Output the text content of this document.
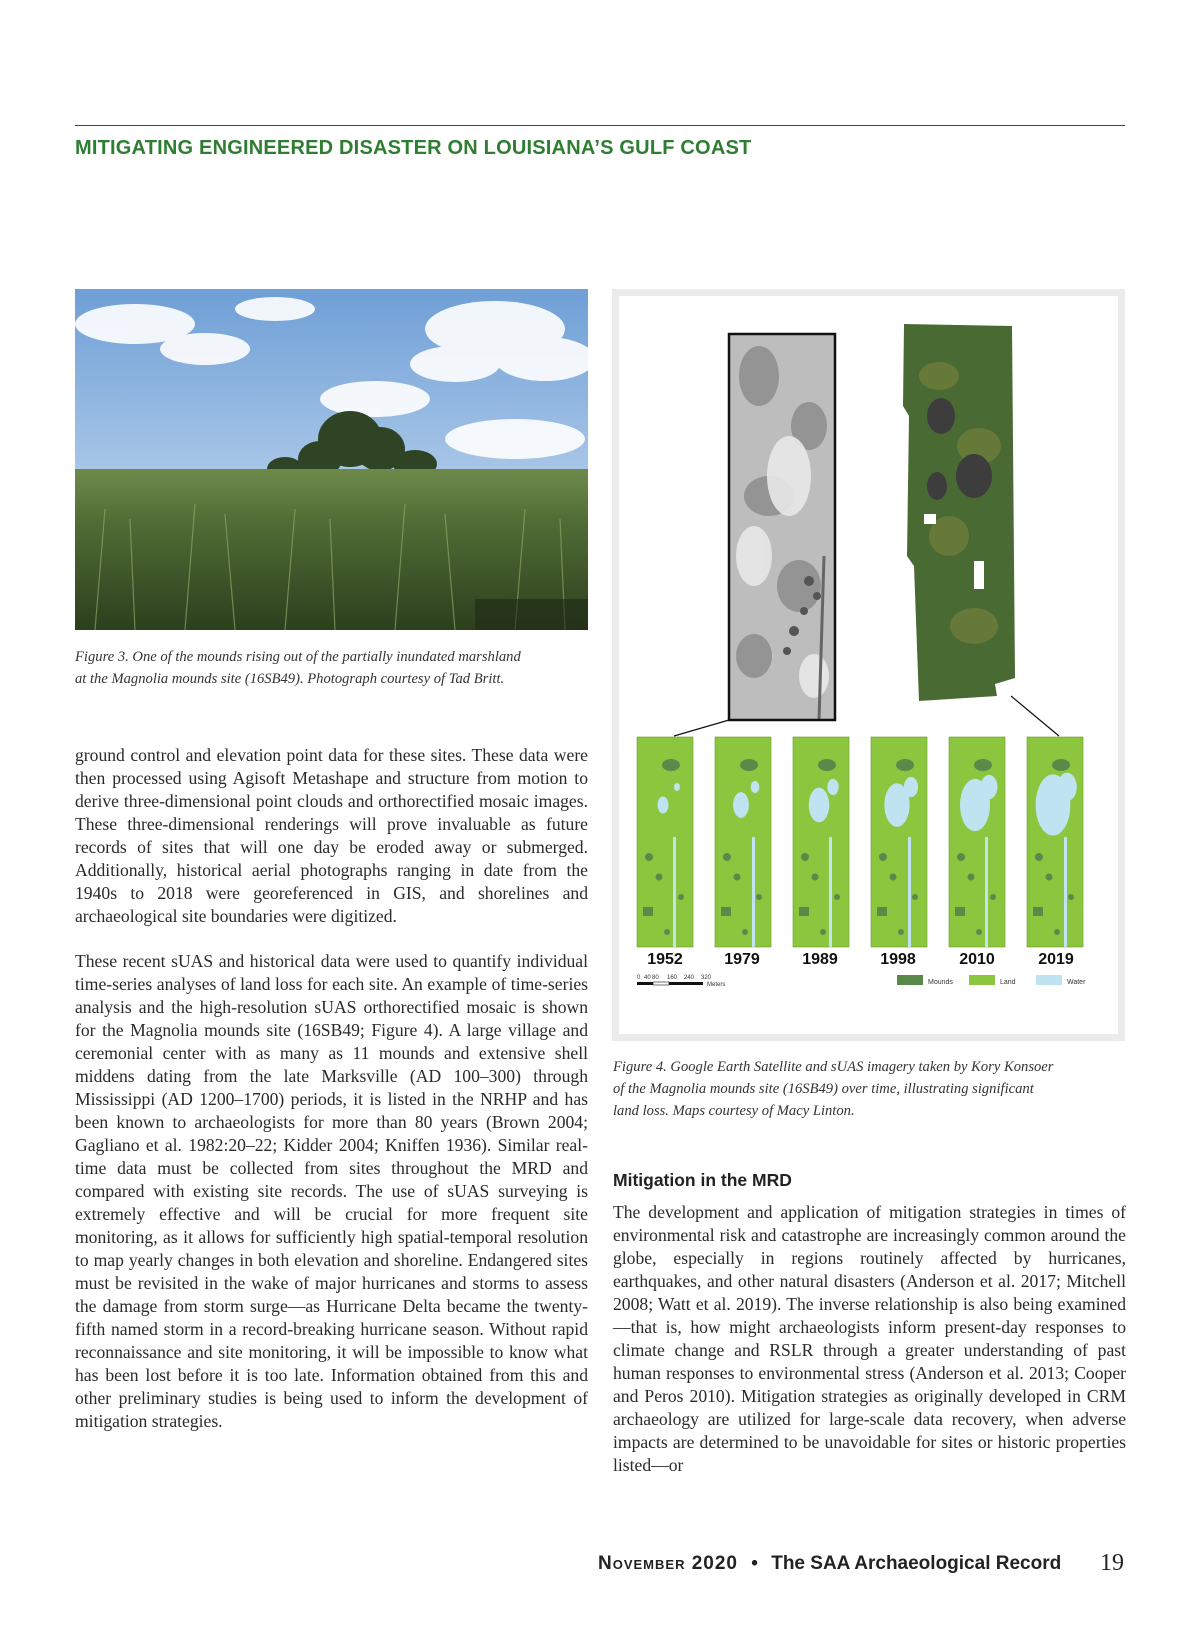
MITIGATING ENGINEERED DISASTER ON LOUISIANA’S GULF COAST
Figure 3. One of the mounds rising out of the partially inundated marshland
at the Magnolia mounds site (16SB49). Photograph courtesy of Tad Britt.

ground control and elevation point data for these sites. These data were then processed using Agisoft Metashape and structure from motion to derive three-dimensional point clouds and orthorectified mosaic images. These three-dimensional renderings will prove invaluable as future records of sites that will one day be eroded away or submerged. Additionally, historical aerial photographs ranging in date from the 1940s to 2018 were georeferenced in GIS, and shorelines and archaeological site boundaries were digitized.

These recent sUAS and historical data were used to quantify individual time-series analyses of land loss for each site. An example of time-series analysis and the high-resolution sUAS orthorectified mosaic is shown for the Magnolia mounds site (16SB49; Figure 4). A large village and ceremonial center with as many as 11 mounds and extensive shell middens dating from the late Marksville (AD 100–300) through Mississippi (AD 1200–1700) periods, it is listed in the NRHP and has been known to archaeologists for more than 80 years (Brown 2004; Gagliano et al. 1982:20–22; Kidder 2004; Kniffen 1936). Similar real-time data must be collected from sites throughout the MRD and compared with existing site records. The use of sUAS surveying is extremely effective and will be crucial for more frequent site monitoring, as it allows for sufficiently high spatial-temporal resolution to map yearly changes in both elevation and shoreline. Endangered sites must be revisited in the wake of major hurricanes and storms to assess the damage from storm surge—as Hurricane Delta became the twenty-fifth named storm in a record-breaking hurricane season. Without rapid reconnaissance and site monitoring, it will be impossible to know what has been lost before it is too late. Information obtained from this and other preliminary studies is being used to inform the development of mitigation strategies.

1952	1979	1989	1998	2010	2019
0 40 80 160 240 320
Meters	Mounds	Land	Water
Figure 4. Google Earth Satellite and sUAS imagery taken by Kory Konsoer
of the Magnolia mounds site (16SB49) over time, illustrating significant
land loss. Maps courtesy of Macy Linton.
Mitigation in the MRD

The development and application of mitigation strategies in times of environmental risk and catastrophe are increasingly common around the globe, especially in regions routinely affected by hurricanes, earthquakes, and other natural disasters (Anderson et al. 2017; Mitchell 2008; Watt et al. 2019). The inverse relationship is also being examined—that is, how might archaeologists inform present-day responses to climate change and RSLR through a greater understanding of past human responses to environmental stress (Anderson et al. 2013; Cooper and Peros 2010). Mitigation strategies as originally developed in CRM archaeology are utilized for large-scale data recovery, when adverse impacts are determined to be unavoidable for sites or historic properties listed—or

November 2020 • The SAA Archaeological Record 19
